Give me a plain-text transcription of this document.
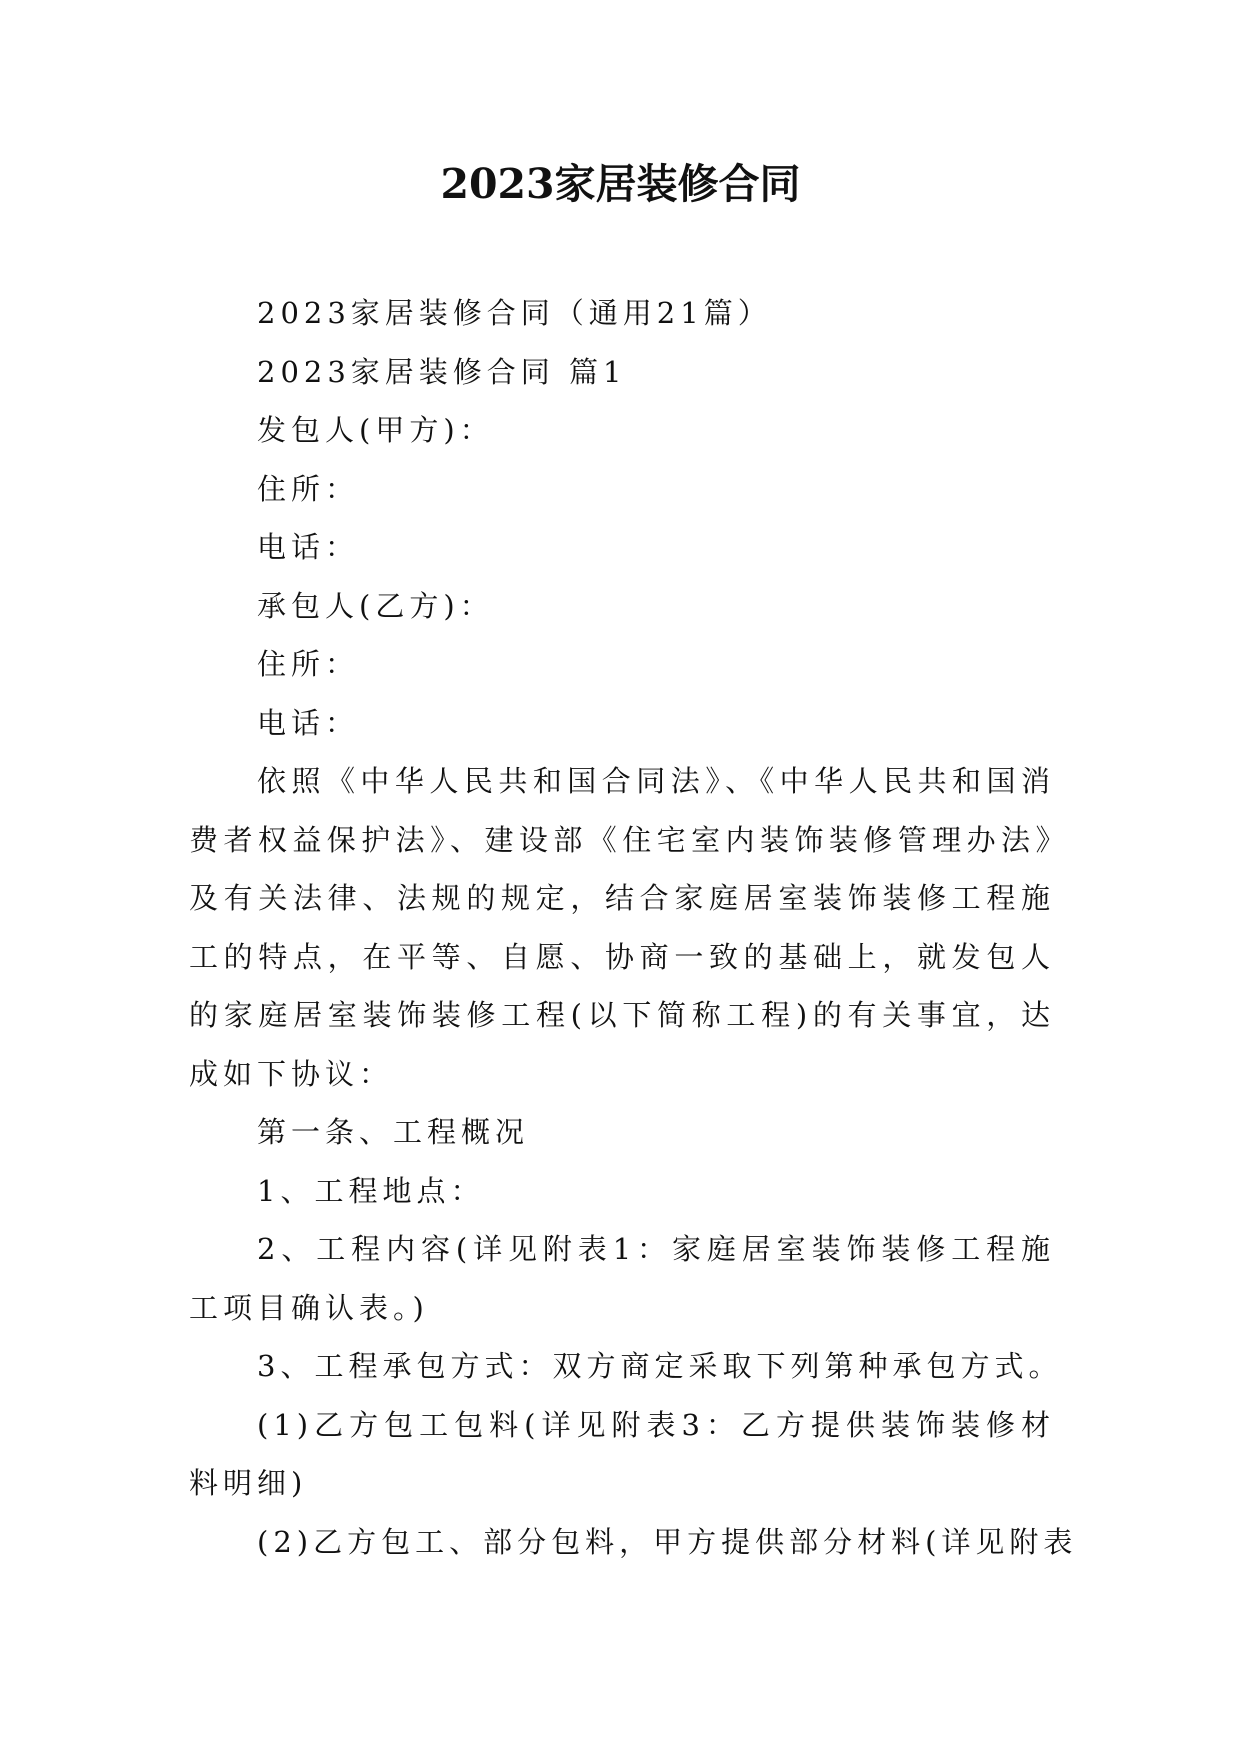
2023家居装修合同

2023家居装修合同（通用21篇）

2023家居装修合同 篇1

发包人(甲方)：

住所：

电话：

承包人(乙方)：

住所：

电话：

依照《中华人民共和国合同法》、《中华人民共和国消费者权益保护法》、建设部《住宅室内装饰装修管理办法》及有关法律、法规的规定，结合家庭居室装饰装修工程施工的特点，在平等、自愿、协商一致的基础上，就发包人的家庭居室装饰装修工程(以下简称工程)的有关事宜，达成如下协议：

第一条、工程概况

1、工程地点：

2、工程内容(详见附表1：家庭居室装饰装修工程施工项目确认表。)

3、工程承包方式：双方商定采取下列第种承包方式。

(1)乙方包工包料(详见附表3：乙方提供装饰装修材料明细)

(2)乙方包工、部分包料，甲方提供部分材料(详见附表
